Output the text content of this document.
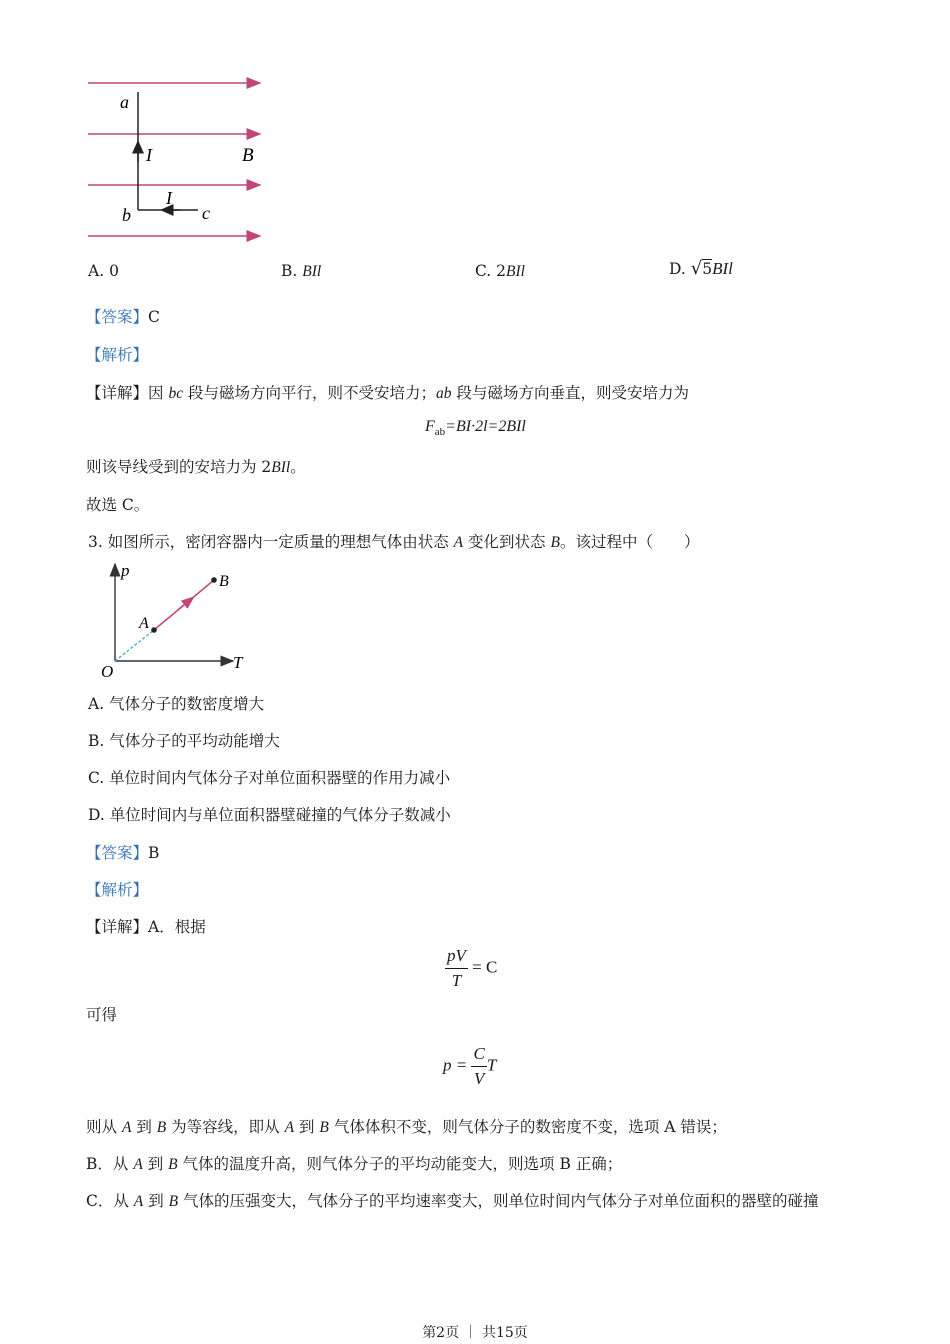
a
I	B
I
b	c
A. 0	B. BIl	C. 2BIl	D. √5BIl
【答案】C
【解析】
【详解】因 bc 段与磁场方向平行，则不受安培力；ab 段与磁场方向垂直，则受安培力为
$F_{ab}=BI\cdot 2l=2BIl$
则该导线受到的安培力为 2BIl。
故选 C。
3. 如图所示，密闭容器内一定质量的理想气体由状态 A 变化到状态 B。该过程中（　　）
p
T
O
A
B
A. 气体分子的数密度增大
B. 气体分子的平均动能增大
C. 单位时间内气体分子对单位面积器壁的作用力减小
D. 单位时间内与单位面积器壁碰撞的气体分子数减小
【答案】B
【解析】
【详解】A．根据
$\frac{pV}{T} = C$
可得
$p = \frac{C}{V}$ T
则从 A 到 B 为等容线，即从 A 到 B 气体体积不变，则气体分子的数密度不变，选项 A 错误；
B．从 A 到 B 气体的温度升高，则气体分子的平均动能变大，则选项 B 正确；
C．从 A 到 B 气体的压强变大，气体分子的平均速率变大，则单位时间内气体分子对单位面积的器壁的碰撞
第2页 ｜ 共15页
